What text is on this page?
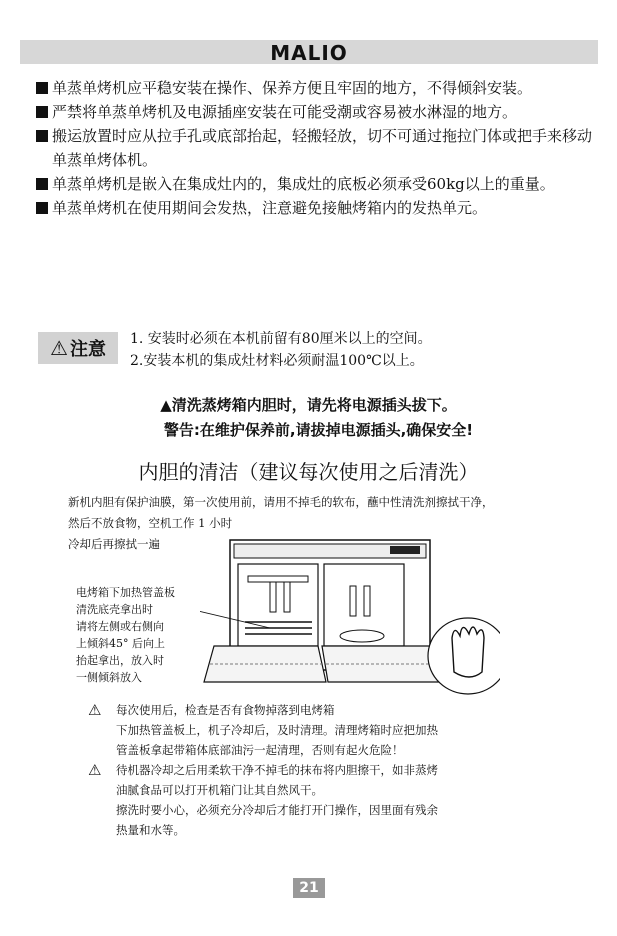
MALIO
单蒸单烤机应平稳安装在操作、保养方便且牢固的地方，不得倾斜安装。
严禁将单蒸单烤机及电源插座安装在可能受潮或容易被水淋湿的地方。
搬运放置时应从拉手孔或底部抬起，轻搬轻放，切不可通过拖拉门体或把手来移动单蒸单烤体机。
单蒸单烤机是嵌入在集成灶内的，集成灶的底板必须承受60kg以上的重量。
单蒸单烤机在使用期间会发热，注意避免接触烤箱内的发热单元。
⚠ 注意 1. 安装时必须在本机前留有80厘米以上的空间。
2.安装本机的集成灶材料必须耐温100℃以上。
▲清洗蒸烤箱内胆时，请先将电源插头拔下。
警告:在维护保养前,请拔掉电源插头,确保安全!
内胆的清洁（建议每次使用之后清洗）
新机内胆有保护油膜，第一次使用前，请用不掉毛的软布，蘸中性清洗剂擦拭干净，
然后不放食物，空机工作 1 小时
冷却后再擦拭一遍
电烤箱下加热管盖板
清洗底壳拿出时
请将左侧或右侧向
上倾斜45° 后向上
抬起拿出，放入时
一侧倾斜放入
⚠ 每次使用后，检查是否有食物掉落到电烤箱
下加热管盖板上，机子冷却后，及时清理。清理烤箱时应把加热
管盖板拿起带箱体底部油污一起清理，否则有起火危险！
⚠ 待机器冷却之后用柔软干净不掉毛的抹布将内胆擦干，如非蒸烤
油腻食品可以打开机箱门让其自然风干。
擦洗时要小心，必须充分冷却后才能打开门操作，因里面有残余
热量和水等。
21
